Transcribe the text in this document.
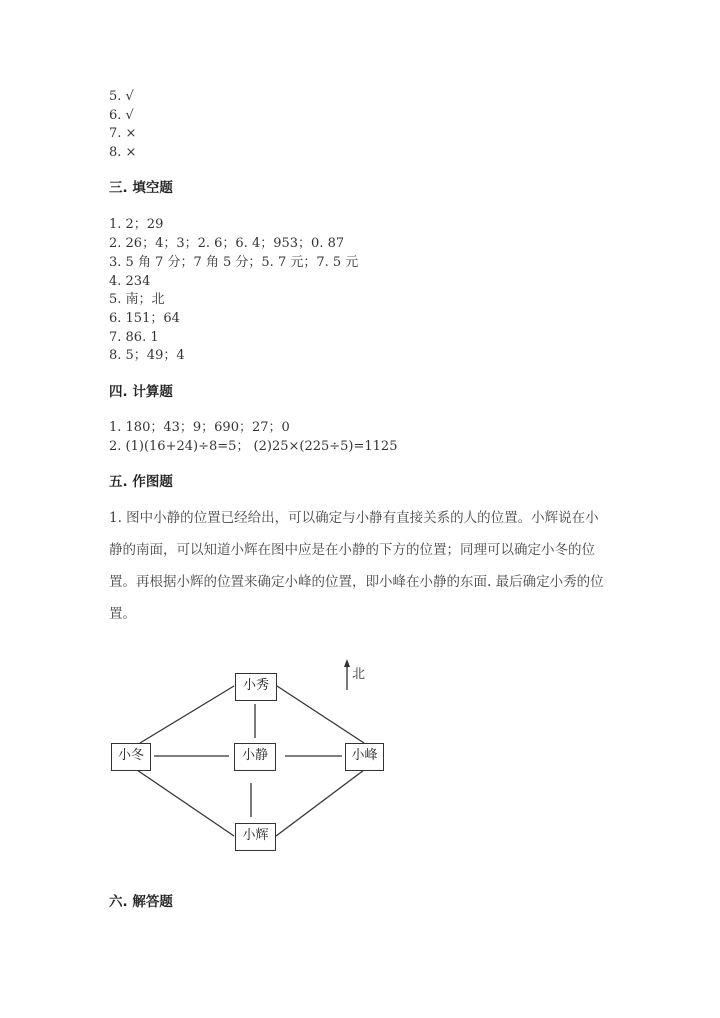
5. √
6. √
7. ×
8. ×
三. 填空题
1. 2；29
2. 26；4；3；2. 6；6. 4；953；0. 87
3. 5 角 7 分；7 角 5 分；5. 7 元；7. 5 元
4. 234
5. 南；北
6. 151；64
7. 86. 1
8. 5；49；4
四. 计算题
1. 180；43；9；690；27；0
2. (1)(16+24)÷8=5； (2)25×(225÷5)=1125
五. 作图题
1. 图中小静的位置已经给出，可以确定与小静有直接关系的人的位置。小辉说在小静的南面，可以知道小辉在图中应是在小静的下方的位置；同理可以确定小冬的位置。再根据小辉的位置来确定小峰的位置，即小峰在小静的东面. 最后确定小秀的位置。
北
小秀
小冬	小静	小峰
小辉
六. 解答题
